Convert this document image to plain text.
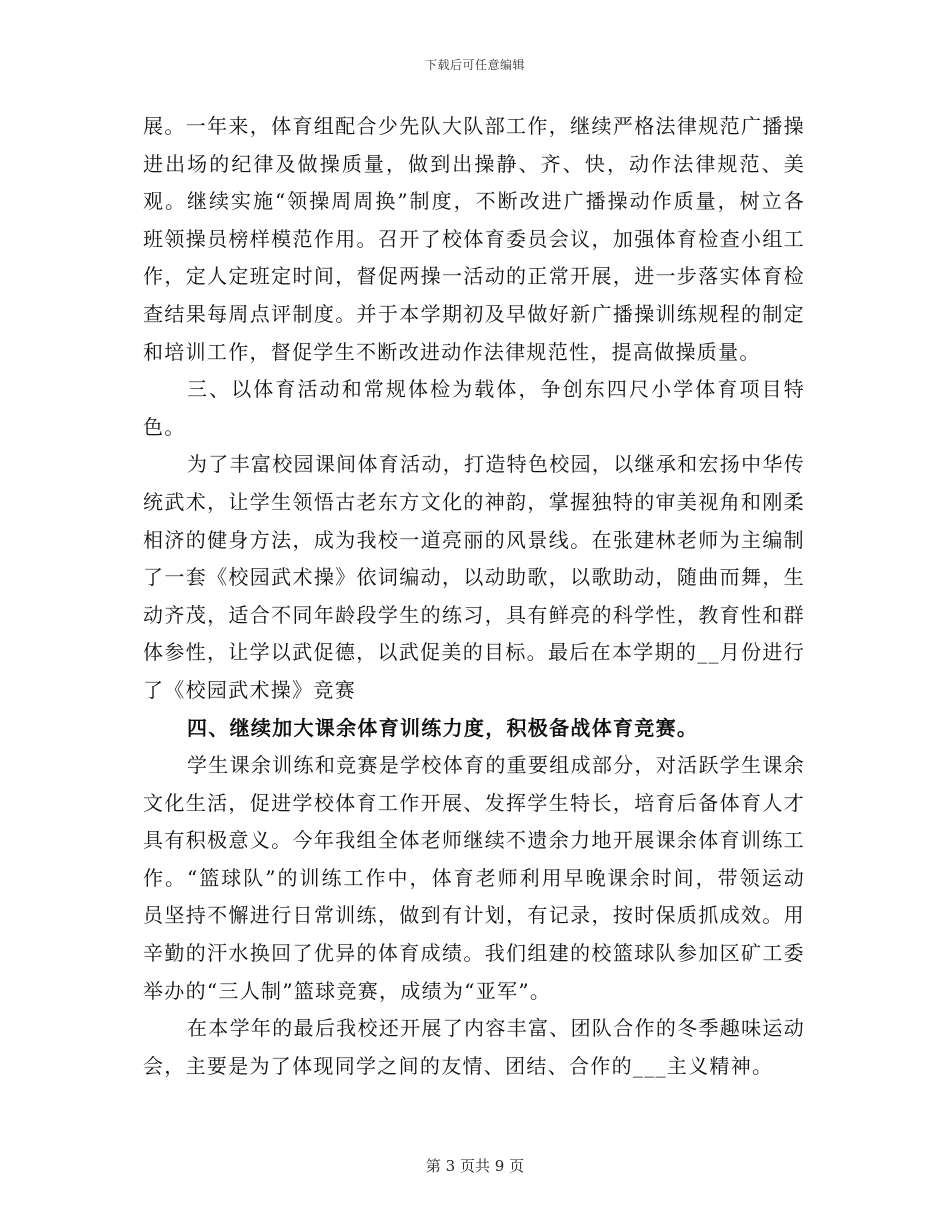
下载后可任意编辑

展。一年来，体育组配合少先队大队部工作，继续严格法律规范广播操进出场的纪律及做操质量，做到出操静、齐、快，动作法律规范、美观。继续实施“领操周周换”制度，不断改进广播操动作质量，树立各班领操员榜样模范作用。召开了校体育委员会议，加强体育检查小组工作，定人定班定时间，督促两操一活动的正常开展，进一步落实体育检查结果每周点评制度。并于本学期初及早做好新广播操训练规程的制定和培训工作，督促学生不断改进动作法律规范性，提高做操质量。

三、以体育活动和常规体检为载体，争创东四尺小学体育项目特色。

为了丰富校园课间体育活动，打造特色校园，以继承和宏扬中华传统武术，让学生领悟古老东方文化的神韵，掌握独特的审美视角和刚柔相济的健身方法，成为我校一道亮丽的风景线。在张建林老师为主编制了一套《校园武术操》依词编动，以动助歌，以歌助动，随曲而舞，生动齐茂，适合不同年龄段学生的练习，具有鲜亮的科学性，教育性和群体参性，让学以武促德，以武促美的目标。最后在本学期的__月份进行了《校园武术操》竞赛

四、继续加大课余体育训练力度，积极备战体育竞赛。

学生课余训练和竞赛是学校体育的重要组成部分，对活跃学生课余文化生活，促进学校体育工作开展、发挥学生特长，培育后备体育人才具有积极意义。今年我组全体老师继续不遗余力地开展课余体育训练工作。“篮球队”的训练工作中，体育老师利用早晚课余时间，带领运动员坚持不懈进行日常训练，做到有计划，有记录，按时保质抓成效。用辛勤的汗水换回了优异的体育成绩。我们组建的校篮球队参加区矿工委举办的“三人制”篮球竞赛，成绩为“亚军”。

在本学年的最后我校还开展了内容丰富、团队合作的冬季趣味运动会，主要是为了体现同学之间的友情、团结、合作的___主义精神。

第 3 页共 9 页
